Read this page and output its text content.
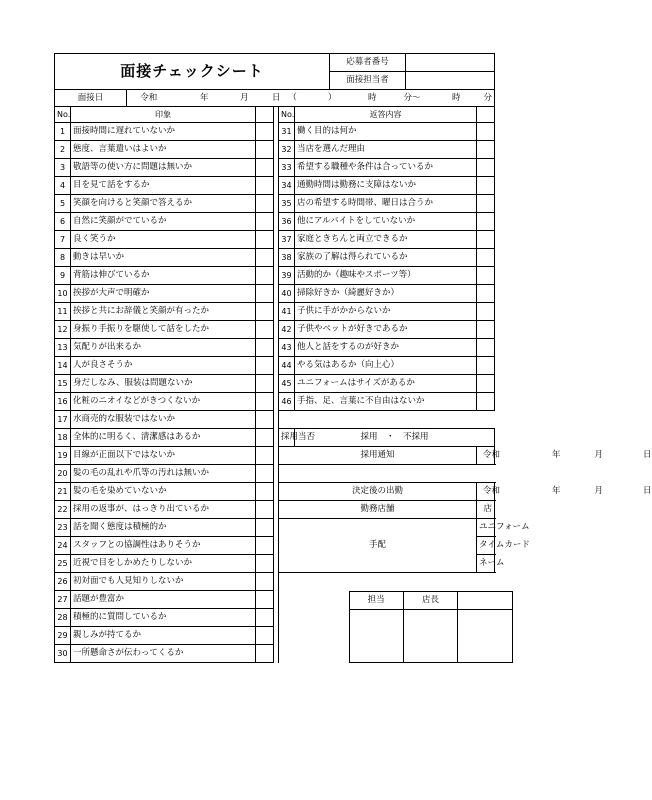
面接チェックシート	応募者番号	
	面接担当者	
面接日	令和	年	月	日	（	）	時	分～	時	分
No.	印象			No.	返答内容	
1	面接時間に遅れていないか			31	働く目的は何か	
2	態度、言葉遣いはよいか			32	当店を選んだ理由	
3	敬語等の使い方に問題は無いか			33	希望する職種や条件は合っているか	
4	目を見て話をするか			34	通勤時間は勤務に支障はないか	
5	笑顔を向けると笑顔で答えるか			35	店の希望する時間帯、曜日は合うか	
6	自然に笑顔がでているか			36	他にアルバイトをしていないか	
7	良く笑うか			37	家庭ときちんと両立できるか	
8	動きは早いか			38	家族の了解は得られているか	
9	背筋は伸びているか			39	活動的か（趣味やスポーツ等）	
10	挨拶が大声で明確か			40	掃除好きか（綺麗好きか）	
11	挨拶と共にお辞儀と笑顔が有ったか			41	子供に手がかからないか	
12	身振り手振りを駆使して話をしたか			42	子供やペットが好きであるか	
13	気配りが出来るか			43	他人と話をするのが好きか	
14	人が良さそうか			44	やる気はあるか（向上心）	
15	身だしなみ、服装は問題ないか			45	ユニフォームはサイズがあるか	
16	化粧のニオイなどがきつくないか			46	手指、足、言葉に不自由はないか	
17	水商売的な服装ではないか				
18	全体的に明るく、清潔感はあるか			採用当否	採用　・　不採用
19	目線が正面以下ではないか			採用通知	令和	年	月	日
20	髪の毛の乱れや爪等の汚れは無いか			
21	髪の毛を染めていないか			決定後の出勤	令和	年	月	日
22	採用の返事が、はっきり出ているか			勤務店舗	店
23	話を聞く態度は積極的か			手配	ユニフォーム
24	スタッフとの協調性はありそうか			タイムカード
25	近視で目をしかめたりしないか			ネーム
26	初対面でも人見知りしないか			
27	話題が豊富か					担当	店長	

28	積極的に質問しているか			
29	親しみが持てるか			
30	一所懸命さが伝わってくるか			
